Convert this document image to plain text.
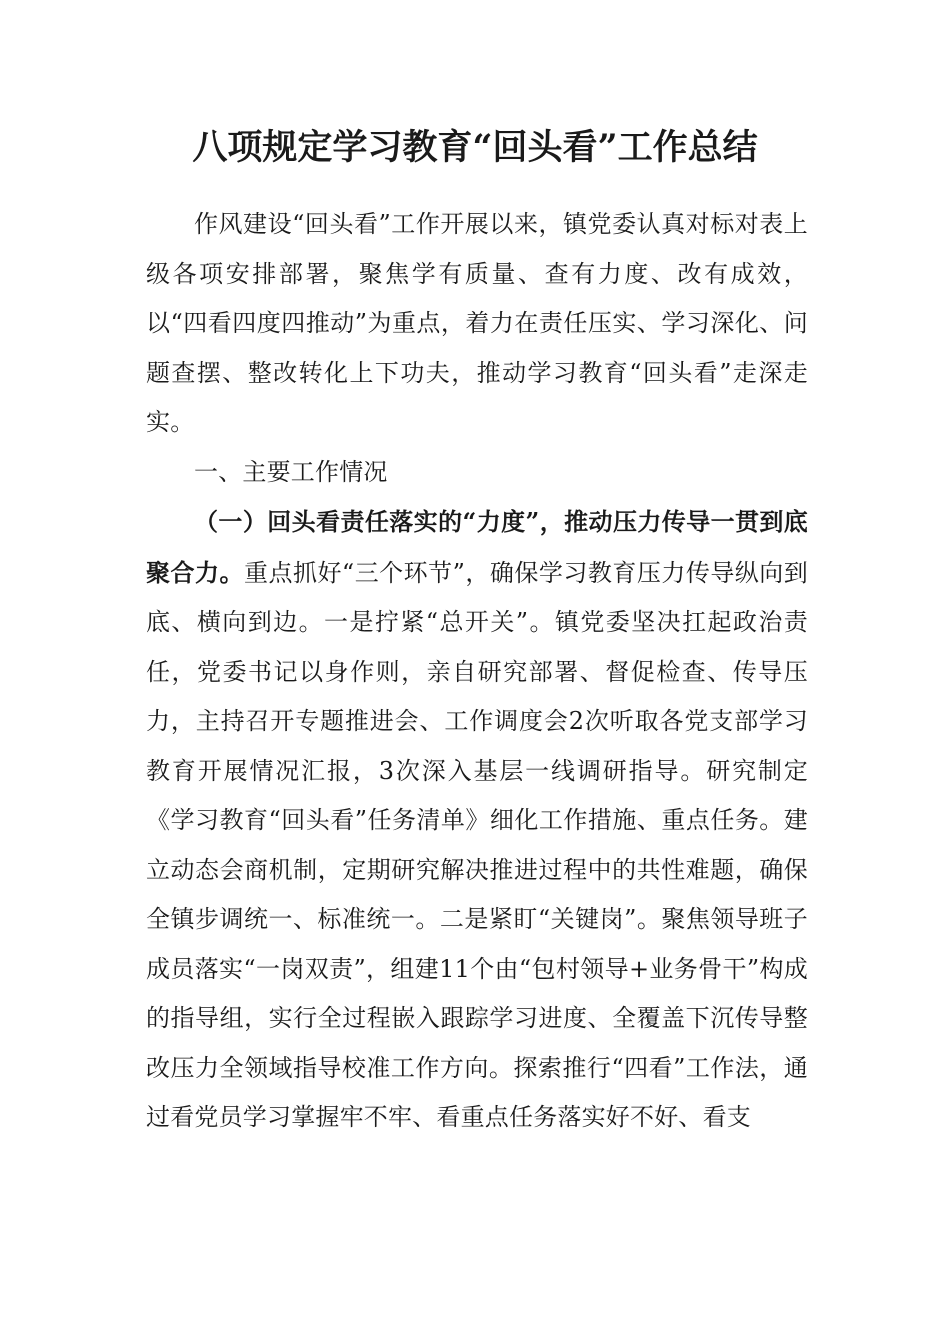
八项规定学习教育“回头看”工作总结

作风建设“回头看”工作开展以来，镇党委认真对标对表上级各项安排部署，聚焦学有质量、查有力度、改有成效，以“四看四度四推动”为重点，着力在责任压实、学习深化、问题查摆、整改转化上下功夫，推动学习教育“回头看”走深走实。

一、主要工作情况

（一）回头看责任落实的“力度”，推动压力传导一贯到底聚合力。重点抓好“三个环节”，确保学习教育压力传导纵向到底、横向到边。一是拧紧“总开关”。镇党委坚决扛起政治责任，党委书记以身作则，亲自研究部署、督促检查、传导压力，主持召开专题推进会、工作调度会2次听取各党支部学习教育开展情况汇报，3次深入基层一线调研指导。研究制定《学习教育“回头看”任务清单》细化工作措施、重点任务。建立动态会商机制，定期研究解决推进过程中的共性难题，确保全镇步调统一、标准统一。二是紧盯“关键岗”。聚焦领导班子成员落实“一岗双责”，组建11个由“包村领导+业务骨干”构成的指导组，实行全过程嵌入跟踪学习进度、全覆盖下沉传导整改压力全领域指导校准工作方向。探索推行“四看”工作法，通过看党员学习掌握牢不牢、看重点任务落实好不好、看支
